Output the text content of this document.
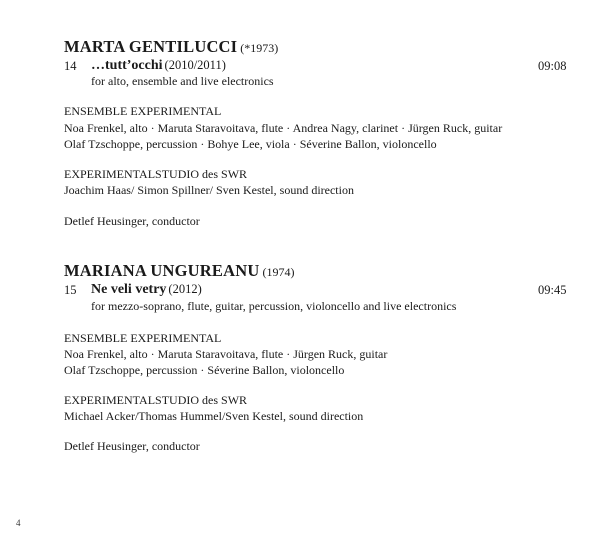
MARTA GENTILUCCI (*1973)
14 …tutt’occhi (2010/2011)	09:08
for alto, ensemble and live electronics
ENSEMBLE EXPERIMENTAL
Noa Frenkel, alto · Maruta Staravoitava, flute · Andrea Nagy, clarinet · Jürgen Ruck, guitar
Olaf Tzschoppe, percussion · Bohye Lee, viola · Séverine Ballon, violoncello
EXPERIMENTALSTUDIO des SWR
Joachim Haas/ Simon Spillner/ Sven Kestel, sound direction
Detlef Heusinger, conductor
MARIANA UNGUREANU (1974)
15 Ne veli vetry (2012)	09:45
for mezzo-soprano, flute, guitar, percussion, violoncello and live electronics
ENSEMBLE EXPERIMENTAL
Noa Frenkel, alto · Maruta Staravoitava, flute · Jürgen Ruck, guitar
Olaf Tzschoppe, percussion · Séverine Ballon, violoncello
EXPERIMENTALSTUDIO des SWR
Michael Acker/Thomas Hummel/Sven Kestel, sound direction
Detlef Heusinger, conductor
4
